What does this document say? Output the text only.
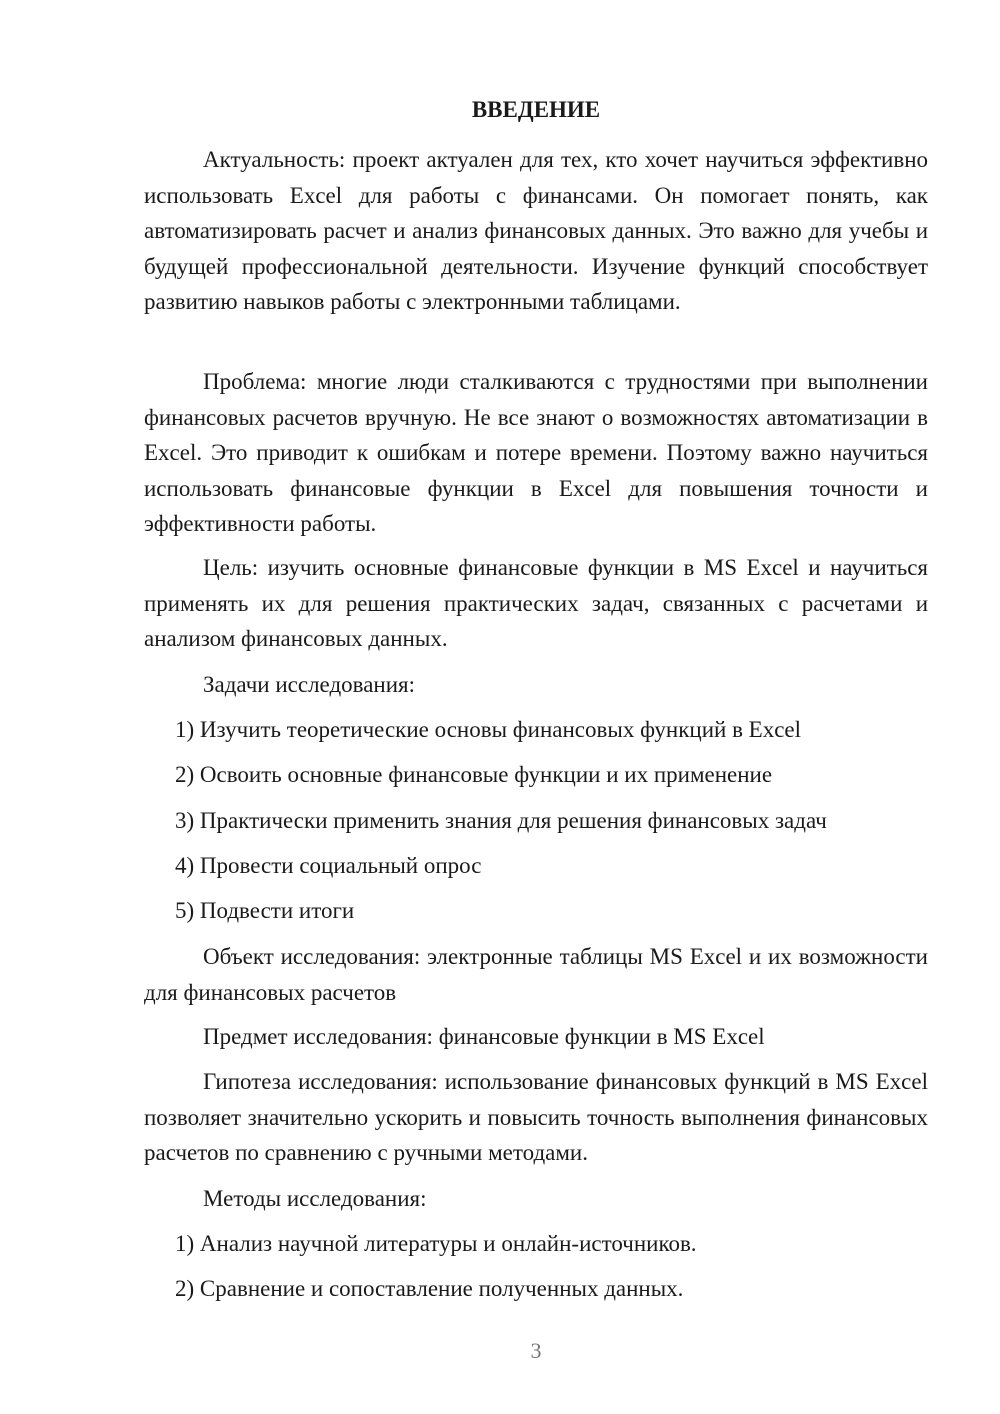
ВВЕДЕНИЕ

Актуальность: проект актуален для тех, кто хочет научиться эффективно использовать Excel для работы с финансами. Он помогает понять, как автоматизировать расчет и анализ финансовых данных. Это важно для учебы и будущей профессиональной деятельности. Изучение функций способствует развитию навыков работы с электронными таблицами.

Проблема: многие люди сталкиваются с трудностями при выполнении финансовых расчетов вручную. Не все знают о возможностях автоматизации в Excel. Это приводит к ошибкам и потере времени. Поэтому важно научиться использовать финансовые функции в Excel для повышения точности и эффективности работы.

Цель: изучить основные финансовые функции в MS Excel и научиться применять их для решения практических задач, связанных с расчетами и анализом финансовых данных.

Задачи исследования:

1) Изучить теоретические основы финансовых функций в Excel

2) Освоить основные финансовые функции и их применение

3) Практически применить знания для решения финансовых задач

4) Провести социальный опрос

5) Подвести итоги

Объект исследования: электронные таблицы MS Excel и их возможности для финансовых расчетов

Предмет исследования: финансовые функции в MS Excel

Гипотеза исследования: использование финансовых функций в MS Excel позволяет значительно ускорить и повысить точность выполнения финансовых расчетов по сравнению с ручными методами.

Методы исследования:

1) Анализ научной литературы и онлайн-источников.

2) Сравнение и сопоставление полученных данных.

3
